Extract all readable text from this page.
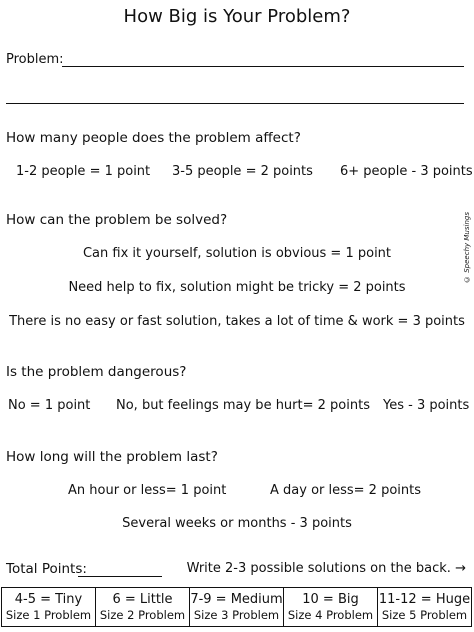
How Big is Your Problem?
Problem:
How many people does the problem affect?
1-2 people = 1 point 3-5 people = 2 points 6+ people - 3 points
How can the problem be solved?
Can fix it yourself, solution is obvious = 1 point
Need help to fix, solution might be tricky = 2 points
There is no easy or fast solution, takes a lot of time & work = 3 points
Is the problem dangerous?
No = 1 point No, but feelings may be hurt= 2 points Yes - 3 points
How long will the problem last?
An hour or less= 1 point	A day or less= 2 points
Several weeks or months - 3 points
© Speechy Musings
Total Points:	Write 2-3 possible solutions on the back. →
4-5 = Tiny
Size 1 Problem
6 = Little
Size 2 Problem
7-9 = Medium
Size 3 Problem
10 = Big
Size 4 Problem
11-12 = Huge
Size 5 Problem
